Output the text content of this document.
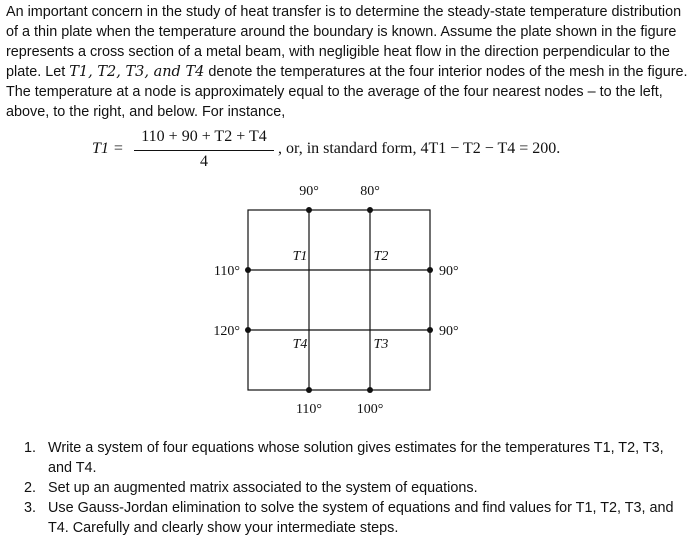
An important concern in the study of heat transfer is to determine the steady-state temperature distribution of a thin plate when the temperature around the boundary is known. Assume the plate shown in the figure represents a cross section of a metal beam, with negligible heat flow in the direction perpendicular to the plate. Let T1, T2, T3, and T4 denote the temperatures at the four interior nodes of the mesh in the figure. The temperature at a node is approximately equal to the average of the four nearest nodes – to the left, above, to the right, and below. For instance,
T1 =
110 + 90 + T2 + T4
4
, or, in standard form, 4T1 − T2 − T4 = 200.
90°	80°
110°
120°
90°
90°
110° 100°
T1	T2
T3
T4
1. Write a system of four equations whose solution gives estimates for the temperatures T1, T2, T3, and T4.
2. Set up an augmented matrix associated to the system of equations.
3. Use Gauss-Jordan elimination to solve the system of equations and find values for T1, T2, T3, and T4. Carefully and clearly show your intermediate steps.
